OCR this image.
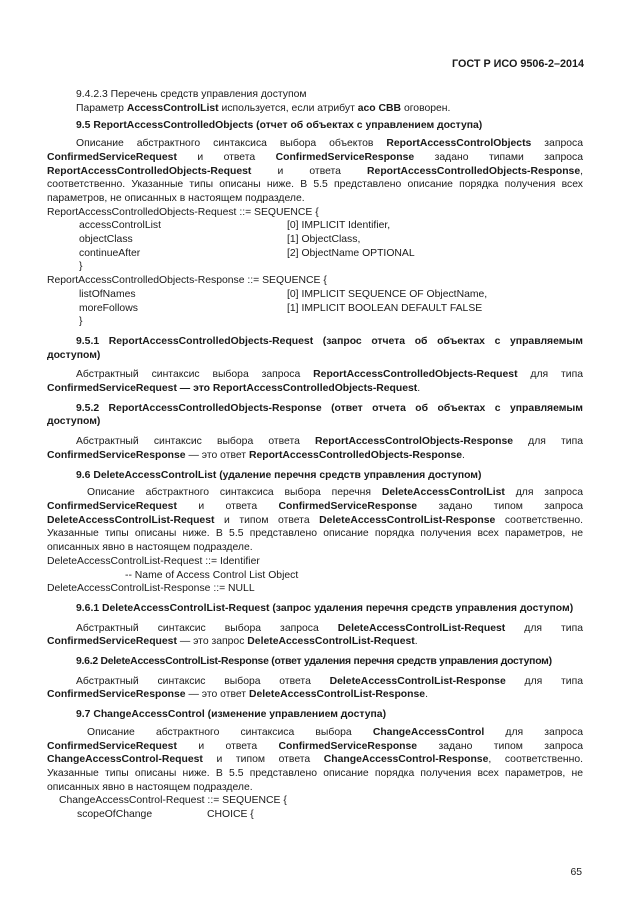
ГОСТ Р ИСО 9506-2–2014

9.4.2.3 Перечень средств управления доступом

Параметр AccessControlList используется, если атрибут aco CBB оговорен.

9.5 ReportAccessControlledObjects (отчет об объектах с управлением доступа)

Описание абстрактного синтаксиса выбора объектов ReportAccessControlObjects запроса ConfirmedServiceRequest и ответа ConfirmedServiceResponse задано типами запроса ReportAccessControlledObjects-Request и ответа ReportAccessControlledObjects-Response, соответственно. Указанные типы описаны ниже. В 5.5 представлено описание порядка получения всех параметров, не описанных в настоящем подразделе.

ReportAccessControlledObjects-Request ::= SEQUENCE {
accessControlList	[0] IMPLICIT Identifier,
objectClass	[1] ObjectClass,
continueAfter	[2] ObjectName OPTIONAL
}
ReportAccessControlledObjects-Response ::= SEQUENCE {
listOfNames	[0] IMPLICIT SEQUENCE OF ObjectName,
moreFollows	[1] IMPLICIT BOOLEAN DEFAULT FALSE
}

9.5.1 ReportAccessControlledObjects-Request (запрос отчета об объектах с управляемым доступом)

Абстрактный синтаксис выбора запроса ReportAccessControlledObjects-Request для типа ConfirmedServiceRequest — это ReportAccessControlledObjects-Request.

9.5.2 ReportAccessControlledObjects-Response (ответ отчета об объектах с управляемым доступом)

Абстрактный синтаксис выбора ответа ReportAccessControlObjects-Response для типа ConfirmedServiceResponse — это ответ ReportAccessControlledObjects-Response.

9.6 DeleteAccessControlList (удаление перечня средств управления доступом)

Описание абстрактного синтаксиса выбора перечня DeleteAccessControlList для запроса ConfirmedServiceRequest и ответа ConfirmedServiceResponse задано типом запроса DeleteAccessControlList-Request и типом ответа DeleteAccessControlList-Response соответственно. Указанные типы описаны ниже. В 5.5 представлено описание порядка получения всех параметров, не описанных явно в настоящем подразделе.

DeleteAccessControlList-Request ::= Identifier
-- Name of Access Control List Object
DeleteAccessControlList-Response ::= NULL

9.6.1 DeleteAccessControlList-Request (запрос удаления перечня средств управления доступом)

Абстрактный синтаксис выбора запроса DeleteAccessControlList-Request для типа ConfirmedServiceRequest — это запрос DeleteAccessControlList-Request.

9.6.2 DeleteAccessControlList-Response (ответ удаления перечня средств управления доступом)

Абстрактный синтаксис выбора ответа DeleteAccessControlList-Response для типа ConfirmedServiceResponse — это ответ DeleteAccessControlList-Response.

9.7 ChangeAccessControl (изменение управлением доступа)

Описание абстрактного синтаксиса выбора ChangeAccessControl для запроса ConfirmedServiceRequest и ответа ConfirmedServiceResponse задано типом запроса ChangeAccessControl-Request и типом ответа ChangeAccessControl-Response, соответственно. Указанные типы описаны ниже. В 5.5 представлено описание порядка получения всех параметров, не описанных явно в настоящем подразделе.

ChangeAccessControl-Request ::= SEQUENCE {
scopeOfChange	CHOICE {
65
